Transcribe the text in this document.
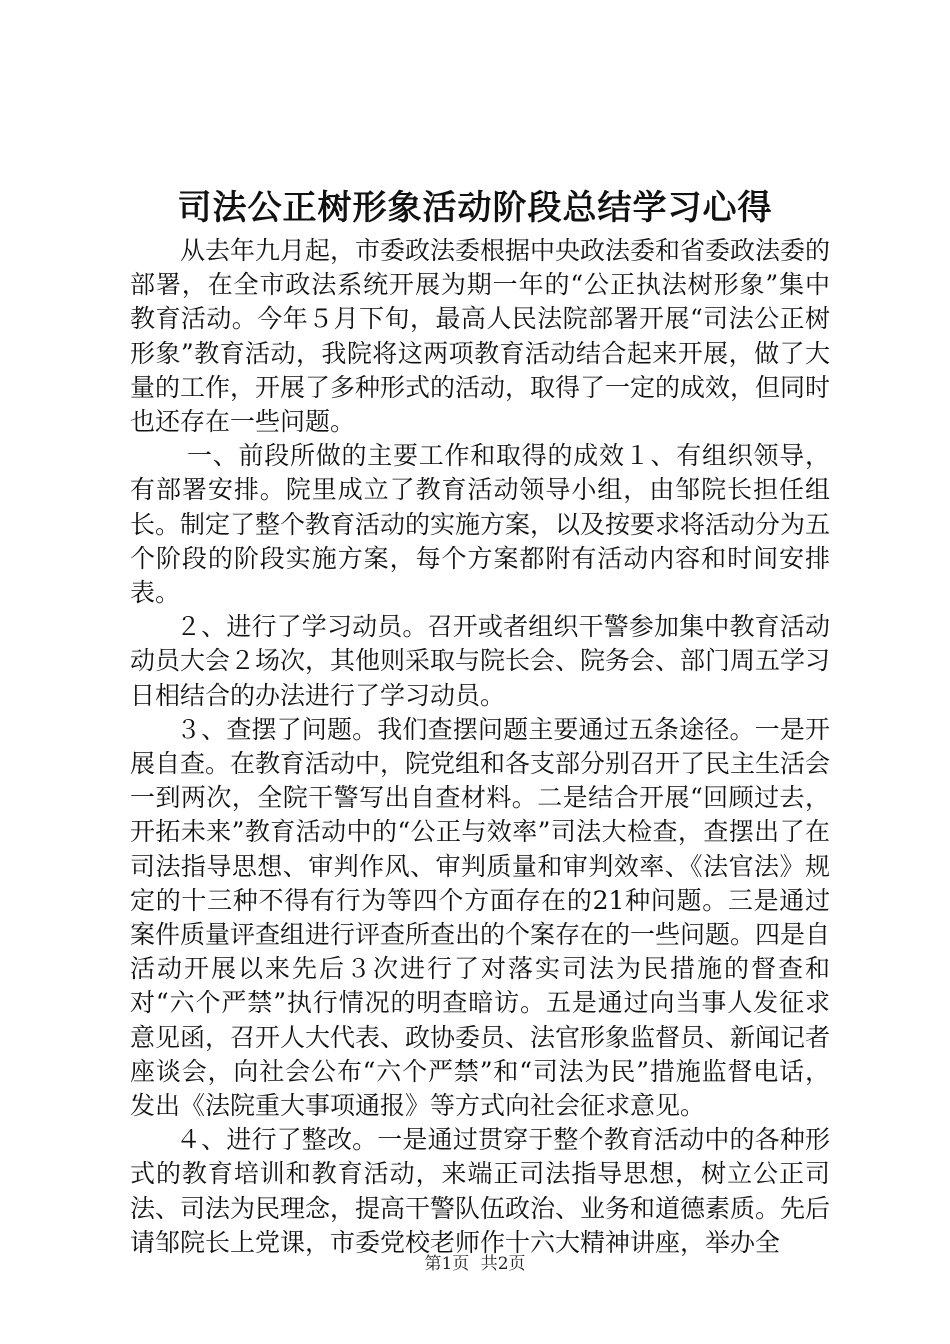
司法公正树形象活动阶段总结学习心得

从去年九月起，市委政法委根据中央政法委和省委政法委的部署，在全市政法系统开展为期一年的“公正执法树形象”集中教育活动。今年５月下旬，最高人民法院部署开展“司法公正树形象”教育活动，我院将这两项教育活动结合起来开展，做了大量的工作，开展了多种形式的活动，取得了一定的成效，但同时也还存在一些问题。

一、前段所做的主要工作和取得的成效１、有组织领导，有部署安排。院里成立了教育活动领导小组，由邹院长担任组长。制定了整个教育活动的实施方案，以及按要求将活动分为五个阶段的阶段实施方案，每个方案都附有活动内容和时间安排表。

２、进行了学习动员。召开或者组织干警参加集中教育活动动员大会２场次，其他则采取与院长会、院务会、部门周五学习日相结合的办法进行了学习动员。

３、查摆了问题。我们查摆问题主要通过五条途径。一是开展自查。在教育活动中，院党组和各支部分别召开了民主生活会一到两次，全院干警写出自查材料。二是结合开展“回顾过去，开拓未来”教育活动中的“公正与效率”司法大检查，查摆出了在司法指导思想、审判作风、审判质量和审判效率、《法官法》规定的十三种不得有行为等四个方面存在的21种问题。三是通过案件质量评查组进行评查所查出的个案存在的一些问题。四是自活动开展以来先后３次进行了对落实司法为民措施的督查和对“六个严禁”执行情况的明查暗访。五是通过向当事人发征求意见函，召开人大代表、政协委员、法官形象监督员、新闻记者座谈会，向社会公布“六个严禁”和“司法为民”措施监督电话，发出《法院重大事项通报》等方式向社会征求意见。

４、进行了整改。一是通过贯穿于整个教育活动中的各种形式的教育培训和教育活动，来端正司法指导思想，树立公正司法、司法为民理念，提高干警队伍政治、业务和道德素质。先后请邹院长上党课，市委党校老师作十六大精神讲座，举办全

第1页 共2页
